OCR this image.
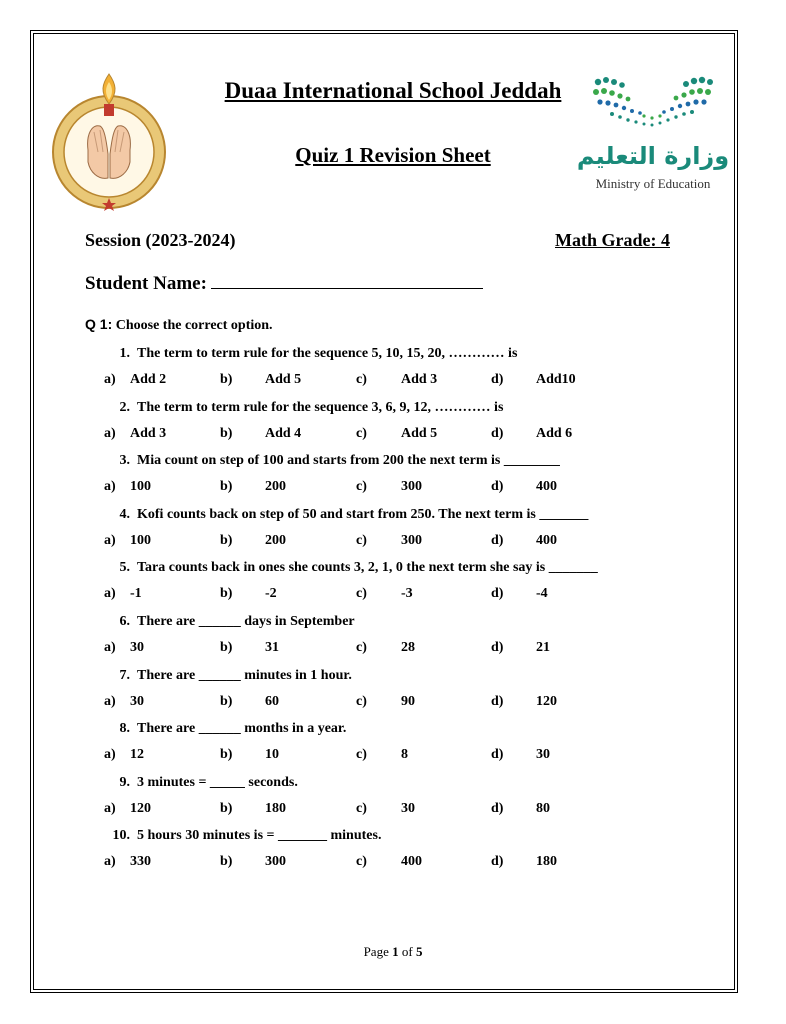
وزارة التعليم
Ministry of Education
Duaa International School Jeddah
Quiz 1 Revision Sheet
Session (2023-2024)	Math Grade: 4
Student Name:
Q 1: Choose the correct option.
1. The term to term rule for the sequence 5, 10, 15, 20, ………… is
a) Add 2	b) Add 5	c) Add 3	d) Add10
2. The term to term rule for the sequence 3, 6, 9, 12, ………… is
a) Add 3	b) Add 4	c) Add 5	d) Add 6
3. Mia count on step of 100 and starts from 200 the next term is ________
a) 100	b) 200	c) 300	d) 400
4. Kofi counts back on step of 50 and start from 250. The next term is _______
a) 100	b) 200	c) 300	d) 400
5. Tara counts back in ones she counts 3, 2, 1, 0 the next term she say is _______
a) -1	b) -2	c) -3	d) -4
6. There are ______ days in September
a) 30	b) 31	c) 28	d) 21
7. There are ______ minutes in 1 hour.
a) 30	b) 60	c) 90	d) 120
8. There are ______ months in a year.
a) 12	b) 10	c) 8	d) 30
9. 3 minutes = _____ seconds.
a) 120	b) 180	c) 30	d) 80
10. 5 hours 30 minutes is = _______ minutes.
a) 330	b) 300	c) 400	d) 180
Page 1 of 5
